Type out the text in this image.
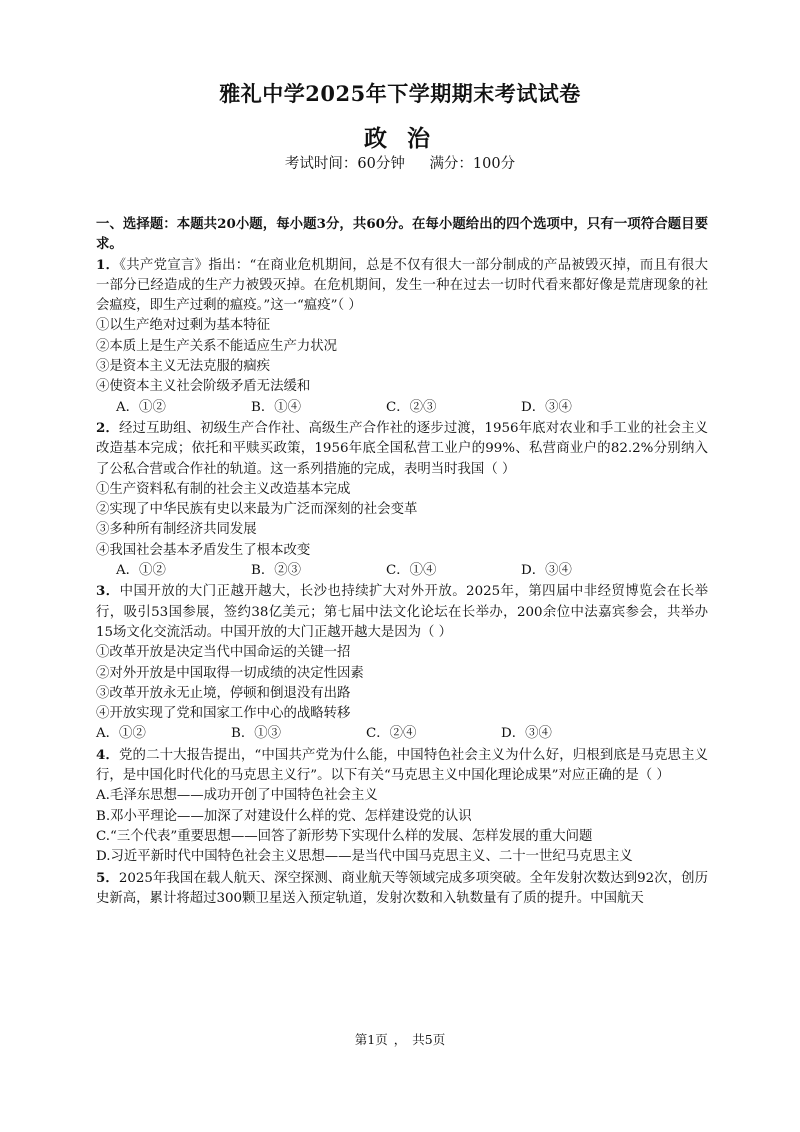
雅礼中学2025年下学期期末考试试卷
政 治
考试时间：60分钟 满分：100分

一、选择题：本题共20小题，每小题3分，共60分。在每小题给出的四个选项中，只有一项符合题目要求。

1．《共产党宣言》指出：“在商业危机期间，总是不仅有很大一部分制成的产品被毁灭掉，而且有很大一部分已经造成的生产力被毁灭掉。在危机期间，发生一种在过去一切时代看来都好像是荒唐现象的社会瘟疫，即生产过剩的瘟疫。”这一“瘟疫”（ ）

①以生产绝对过剩为基本特征

②本质上是生产关系不能适应生产力状况

③是资本主义无法克服的痼疾

④使资本主义社会阶级矛盾无法缓和

A．①②	B．①④	C．②③	D．③④

2．经过互助组、初级生产合作社、高级生产合作社的逐步过渡，1956年底对农业和手工业的社会主义改造基本完成；依托和平赎买政策，1956年底全国私营工业户的99%、私营商业户的82.2%分别纳入了公私合营或合作社的轨道。这一系列措施的完成，表明当时我国（ ）

①生产资料私有制的社会主义改造基本完成

②实现了中华民族有史以来最为广泛而深刻的社会变革

③多种所有制经济共同发展

④我国社会基本矛盾发生了根本改变

A．①②	B．②③	C．①④	D．③④

3．中国开放的大门正越开越大，长沙也持续扩大对外开放。2025年，第四届中非经贸博览会在长举行，吸引53国参展，签约38亿美元；第七届中法文化论坛在长举办，200余位中法嘉宾参会，共举办15场文化交流活动。中国开放的大门正越开越大是因为（ ）

①改革开放是决定当代中国命运的关键一招

②对外开放是中国取得一切成绩的决定性因素

③改革开放永无止境，停顿和倒退没有出路

④开放实现了党和国家工作中心的战略转移

A．①②	B．①③	C．②④	D．③④

4．党的二十大报告提出，“中国共产党为什么能，中国特色社会主义为什么好，归根到底是马克思主义行，是中国化时代化的马克思主义行”。以下有关“马克思主义中国化理论成果”对应正确的是（ ）

A.毛泽东思想——成功开创了中国特色社会主义

B.邓小平理论——加深了对建设什么样的党、怎样建设党的认识

C.“三个代表”重要思想——回答了新形势下实现什么样的发展、怎样发展的重大问题

D.习近平新时代中国特色社会主义思想——是当代中国马克思主义、二十一世纪马克思主义

5．2025年我国在载人航天、深空探测、商业航天等领域完成多项突破。全年发射次数达到92次，创历史新高，累计将超过300颗卫星送入预定轨道，发射次数和入轨数量有了质的提升。中国航天

第1页 ， 共5页
